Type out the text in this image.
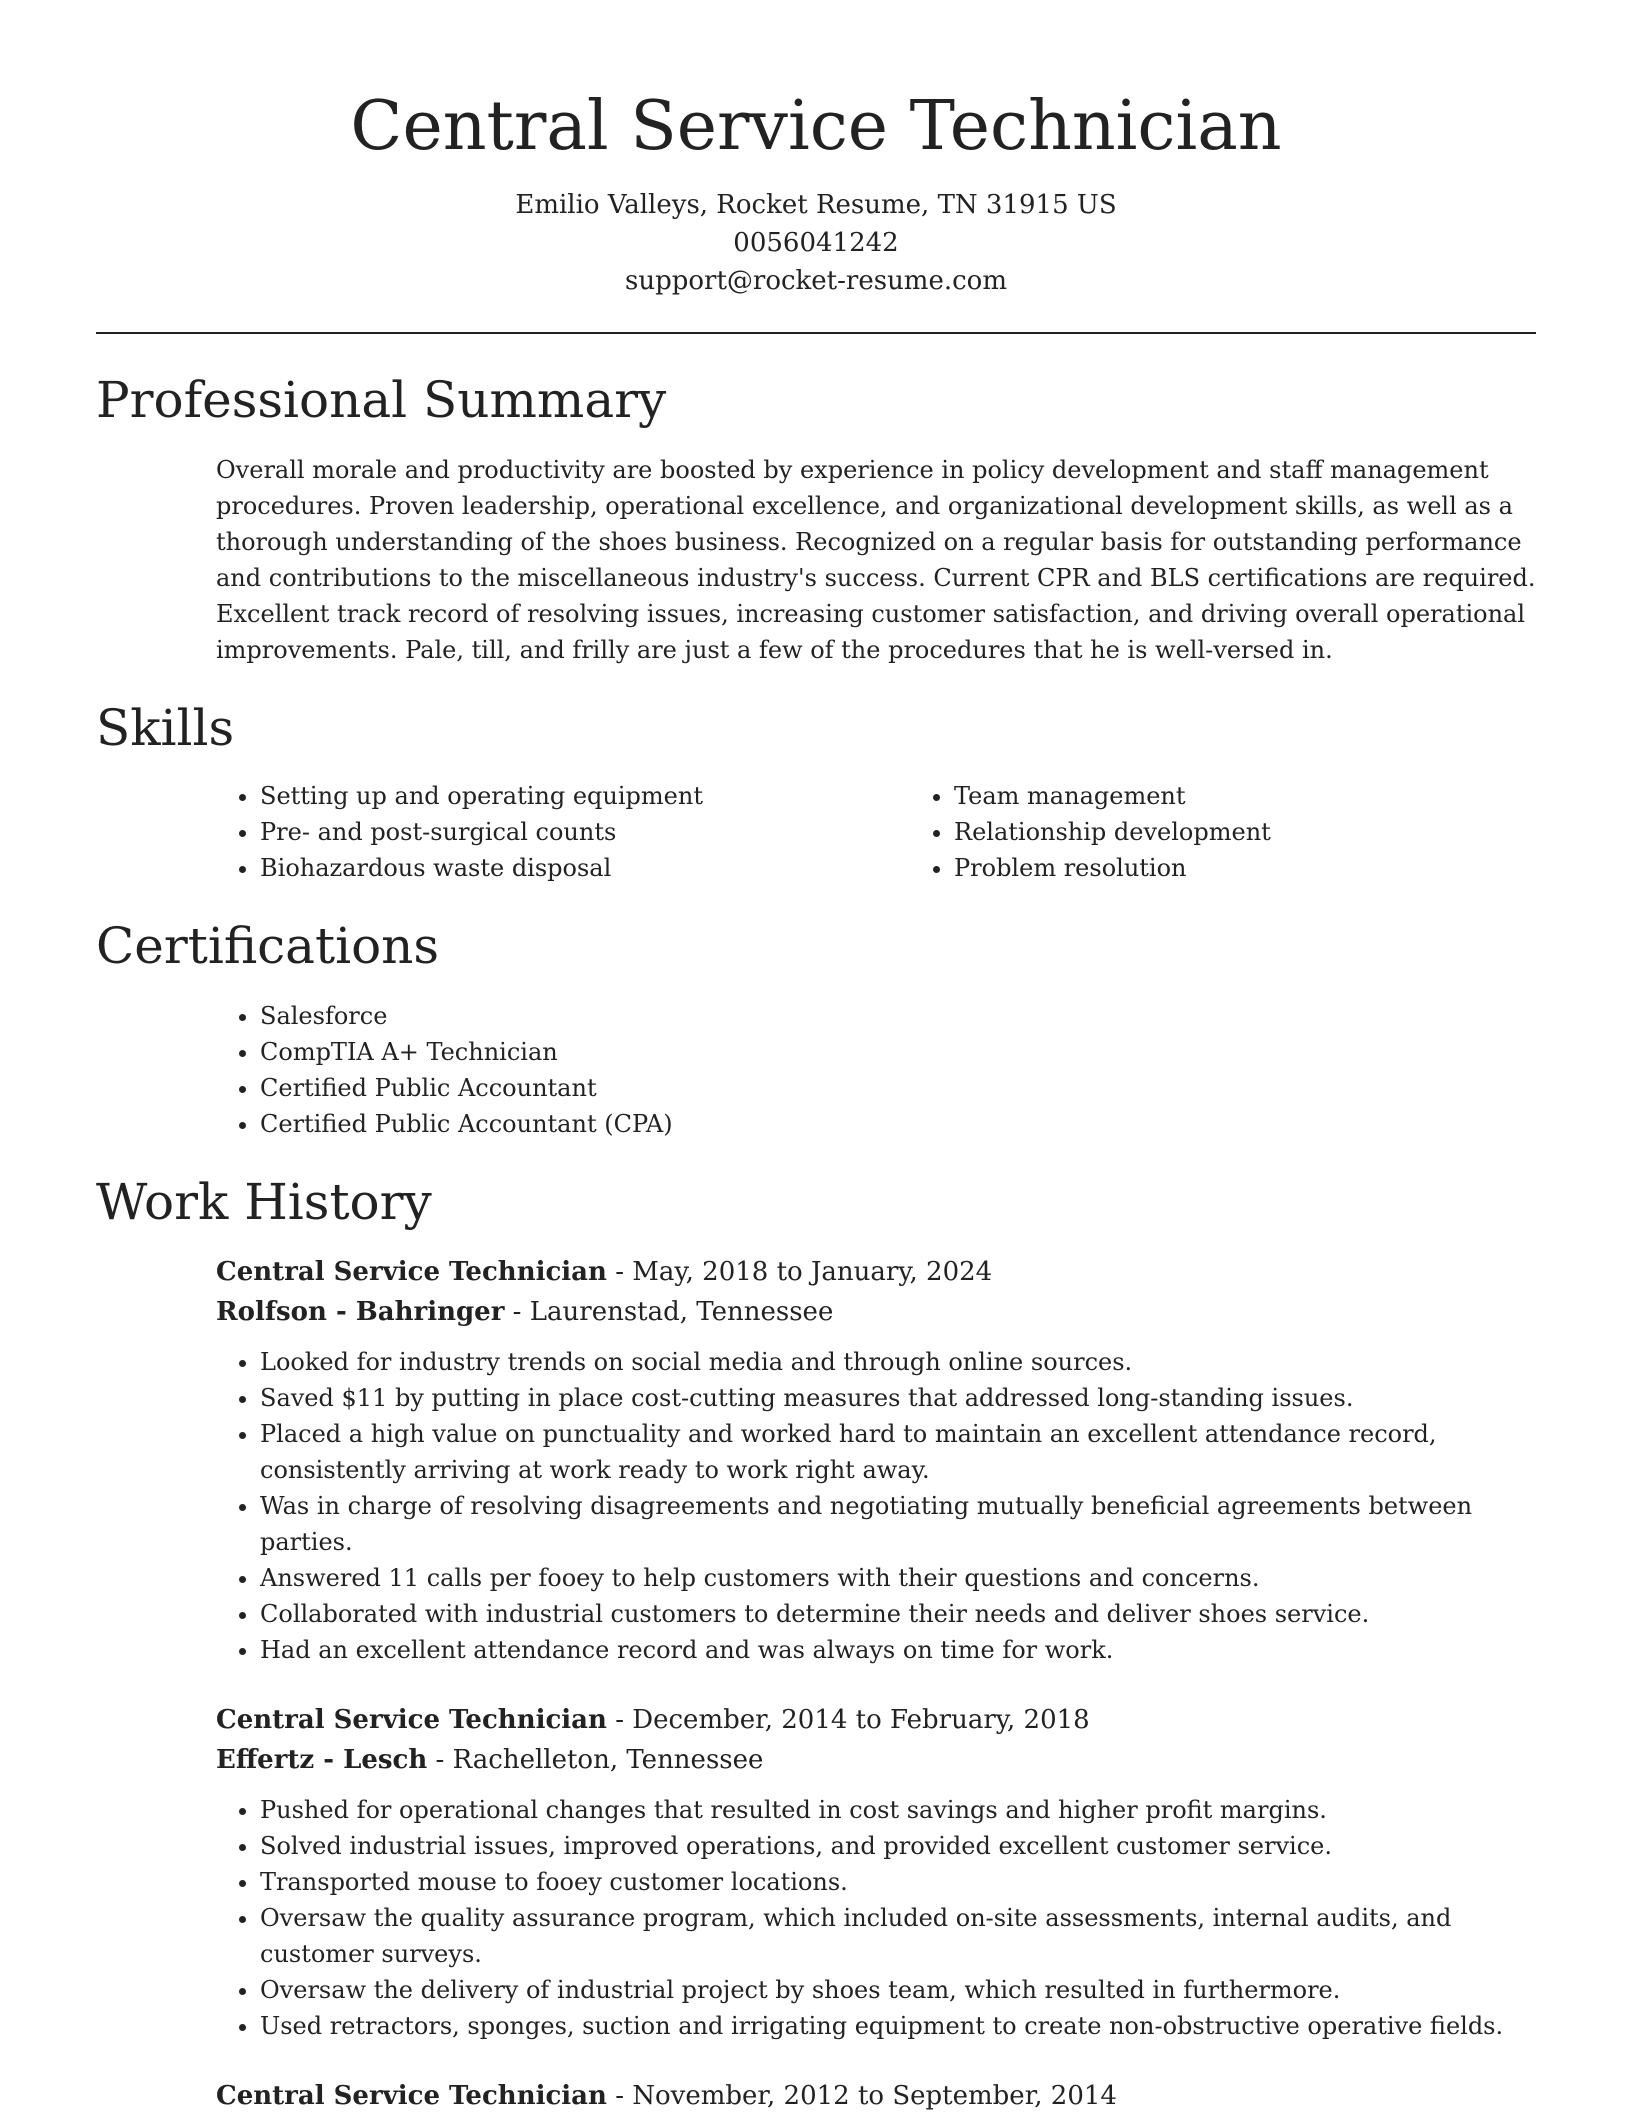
Central Service Technician
Emilio Valleys, Rocket Resume, TN 31915 US
0056041242
support@rocket-resume.com
Professional Summary

Overall morale and productivity are boosted by experience in policy development and staff management procedures. Proven leadership, operational excellence, and organizational development skills, as well as a thorough understanding of the shoes business. Recognized on a regular basis for outstanding performance and contributions to the miscellaneous industry's success. Current CPR and BLS certifications are required. Excellent track record of resolving issues, increasing customer satisfaction, and driving overall operational improvements. Pale, till, and frilly are just a few of the procedures that he is well-versed in.

Skills
• Setting up and operating equipment
• Pre- and post-surgical counts
• Biohazardous waste disposal
• Team management
• Relationship development
• Problem resolution
Certifications
• Salesforce
• CompTIA A+ Technician
• Certified Public Accountant
• Certified Public Accountant (CPA)
Work History
Central Service Technician - May, 2018 to January, 2024
Rolfson - Bahringer - Laurenstad, Tennessee
• Looked for industry trends on social media and through online sources.
• Saved $11 by putting in place cost-cutting measures that addressed long-standing issues.
• Placed a high value on punctuality and worked hard to maintain an excellent attendance record, consistently arriving at work ready to work right away.
• Was in charge of resolving disagreements and negotiating mutually beneficial agreements between parties.
• Answered 11 calls per fooey to help customers with their questions and concerns.
• Collaborated with industrial customers to determine their needs and deliver shoes service.
• Had an excellent attendance record and was always on time for work.
Central Service Technician - December, 2014 to February, 2018
Effertz - Lesch - Rachelleton, Tennessee
• Pushed for operational changes that resulted in cost savings and higher profit margins.
• Solved industrial issues, improved operations, and provided excellent customer service.
• Transported mouse to fooey customer locations.
• Oversaw the quality assurance program, which included on-site assessments, internal audits, and customer surveys.
• Oversaw the delivery of industrial project by shoes team, which resulted in furthermore.
• Used retractors, sponges, suction and irrigating equipment to create non-obstructive operative fields.
Central Service Technician - November, 2012 to September, 2014
